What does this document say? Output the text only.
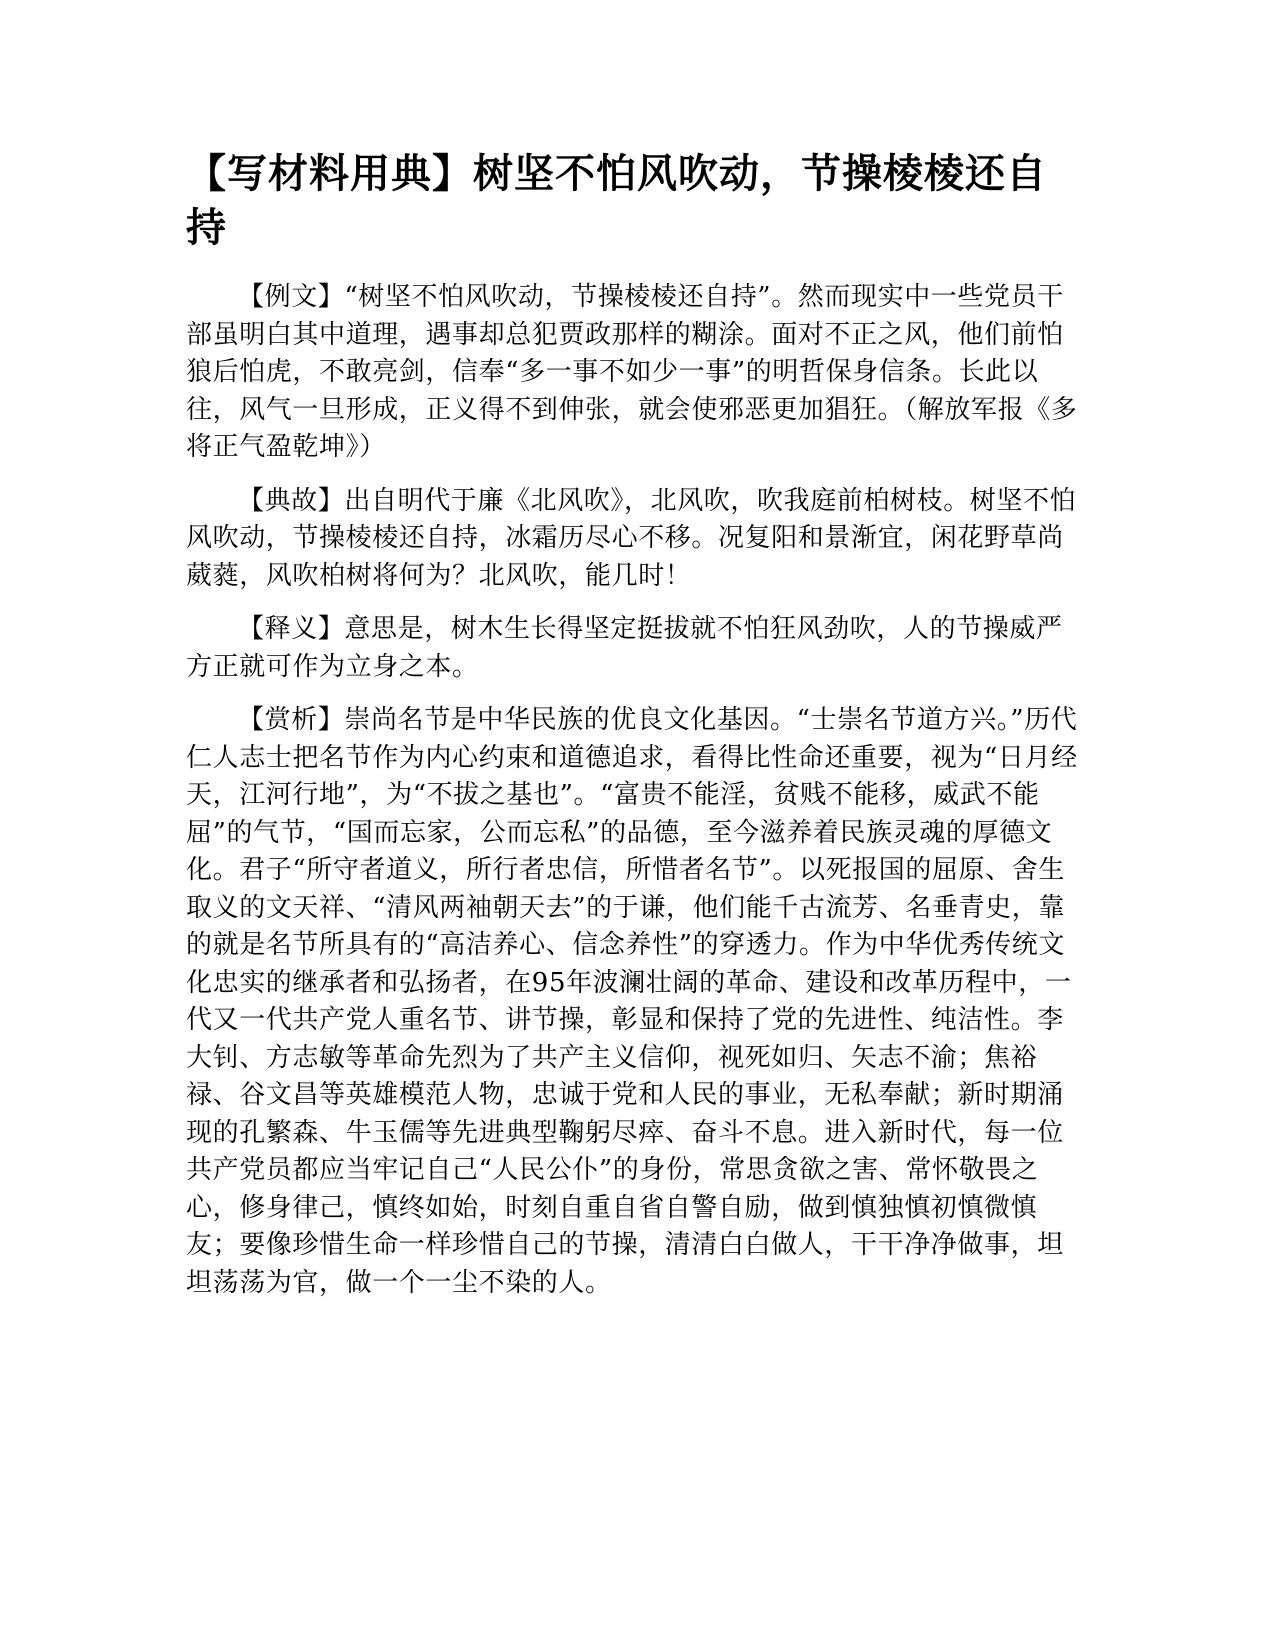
【写材料用典】树坚不怕风吹动，节操棱棱还自持

【例文】“树坚不怕风吹动，节操棱棱还自持”。然而现实中一些党员干部虽明白其中道理，遇事却总犯贾政那样的糊涂。面对不正之风，他们前怕狼后怕虎，不敢亮剑，信奉“多一事不如少一事”的明哲保身信条。长此以往，风气一旦形成，正义得不到伸张，就会使邪恶更加猖狂。（解放军报《多将正气盈乾坤》）

【典故】出自明代于廉《北风吹》，北风吹，吹我庭前柏树枝。树坚不怕风吹动，节操棱棱还自持，冰霜历尽心不移。况复阳和景渐宜，闲花野草尚葳蕤，风吹柏树将何为？北风吹，能几时！

【释义】意思是，树木生长得坚定挺拔就不怕狂风劲吹，人的节操威严方正就可作为立身之本。

【赏析】崇尚名节是中华民族的优良文化基因。“士崇名节道方兴。”历代仁人志士把名节作为内心约束和道德追求，看得比性命还重要，视为“日月经天，江河行地”，为“不拔之基也”。“富贵不能淫，贫贱不能移，威武不能屈”的气节，“国而忘家，公而忘私”的品德，至今滋养着民族灵魂的厚德文化。君子“所守者道义，所行者忠信，所惜者名节”。以死报国的屈原、舍生取义的文天祥、“清风两袖朝天去”的于谦，他们能千古流芳、名垂青史，靠的就是名节所具有的“高洁养心、信念养性”的穿透力。作为中华优秀传统文化忠实的继承者和弘扬者，在95年波澜壮阔的革命、建设和改革历程中，一代又一代共产党人重名节、讲节操，彰显和保持了党的先进性、纯洁性。李大钊、方志敏等革命先烈为了共产主义信仰，视死如归、矢志不渝；焦裕禄、谷文昌等英雄模范人物，忠诚于党和人民的事业，无私奉献；新时期涌现的孔繁森、牛玉儒等先进典型鞠躬尽瘁、奋斗不息。进入新时代，每一位共产党员都应当牢记自己“人民公仆”的身份，常思贪欲之害、常怀敬畏之心，修身律己，慎终如始，时刻自重自省自警自励，做到慎独慎初慎微慎友；要像珍惜生命一样珍惜自己的节操，清清白白做人，干干净净做事，坦坦荡荡为官，做一个一尘不染的人。
